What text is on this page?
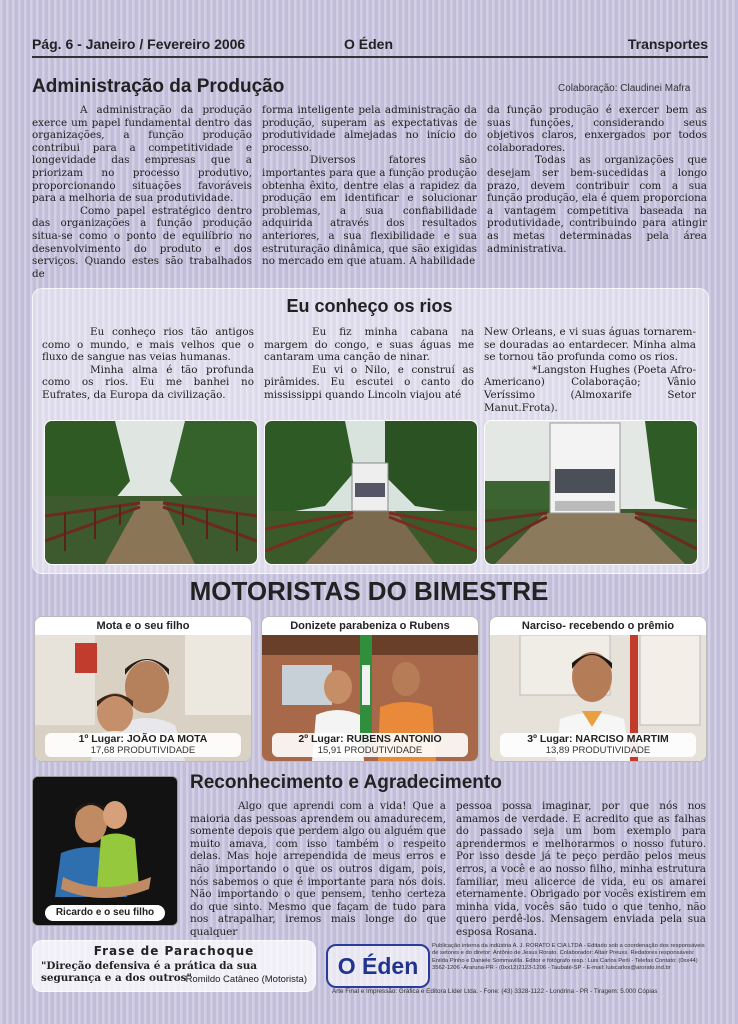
Pág. 6 - Janeiro / Fevereiro 2006	O Éden	Transportes
Administração da Produção	Colaboração: Claudinei Mafra

A administração da produção exerce um papel fundamental dentro das organizações, a função produção contribui para a competitividade e longevidade das empresas que a priorizam no processo produtivo, proporcionando situações favoráveis para a melhoria de sua produtividade.

Como papel estratégico dentro das organizações a função produção situa-se como o ponto de equilíbrio no desenvolvimento do produto e dos serviços. Quando estes são trabalhados de

forma inteligente pela administração da produção, superam as expectativas de produtividade almejadas no início do processo.

Diversos fatores são importantes para que a função produção obtenha êxito, dentre elas a rapidez da produção em identificar e solucionar problemas, a sua confiabilidade adquirida através dos resultados anteriores, a sua flexibilidade e sua estruturação dinâmica, que são exigidas no mercado em que atuam. A habilidade

da função produção é exercer bem as suas funções, considerando seus objetivos claros, enxergados por todos colaboradores.

Todas as organizações que desejam ser bem-sucedidas a longo prazo, devem contribuir com a sua função produção, ela é quem proporciona a vantagem competitiva baseada na produtividade, contribuindo para atingir as metas determinadas pela área administrativa.

Eu conheço os rios

Eu conheço rios tão antigos como o mundo, e mais velhos que o fluxo de sangue nas veias humanas.

Minha alma é tão profunda como os rios. Eu me banhei no Eufrates, da Europa da civilização.

Eu fiz minha cabana na margem do congo, e suas águas me cantaram uma canção de ninar.

Eu vi o Nilo, e construí as pirâmides. Eu escutei o canto do mississippi quando Lincoln viajou até

New Orleans, e vi suas águas tornarem-se douradas ao entardecer. Minha alma se tornou tão profunda como os rios.

*Langston Hughes (Poeta Afro-Americano) Colaboração; Vânio Veríssimo (Almoxarife Setor Manut.Frota).

MOTORISTAS DO BIMESTRE
Mota e o seu filho
1º Lugar: JOÃO DA MOTA
17,68 PRODUTIVIDADE
Donizete parabeniza o Rubens
2º Lugar: RUBENS ANTONIO
15,91 PRODUTIVIDADE
Narciso- recebendo o prêmio
3º Lugar: NARCISO MARTIM
13,89 PRODUTIVIDADE
Ricardo e o seu filho
Reconhecimento e Agradecimento

Algo que aprendi com a vida! Que a maioria das pessoas aprendem ou amadurecem, somente depois que perdem algo ou alguém que muito amava, com isso também o respeito delas. Mas hoje arrependida de meus erros e não importando o que os outros digam, pois, nós sabemos o que é importante para nós dois. Não importando o que pensem, tenho certeza do que sinto. Mesmo que façam de tudo para nos atrapalhar, iremos mais longe do que qualquer

pessoa possa imaginar, por que nós nos amamos de verdade. E acredito que as falhas do passado seja um bom exemplo para aprendermos e melhorarmos o nosso futuro. Por isso desde já te peço perdão pelos meus erros, a você e ao nosso filho, minha estrutura familiar, meu alicerce de vida, eu os amarei eternamente. Obrigado por vocês existirem em minha vida, vocês são tudo o que tenho, não quero perdê-los. Mensagem enviada pela sua esposa Rosana.

Frase de Parachoque
"Direção defensiva é a prática da sua segurança e a dos outros"
Romildo Catâneo (Motorista)
O Éden
Publicação interna da indústria A. J. RORATO E CIA LTDA - Editado sob a coordenação dos responsáveis de setores e do diretor: Antônio de Jesus Rorato. Colaborador: Altair Preuss. Redatores responsáveis: Enilda Pinho e Daniele Sommavilla. Editor e fotógrafo resp.: Luis Carlos Perli - Telefax Contato: (0xx44) 3562-1206 -Araruna-PR - (0xx12)2123-1206 - Taubaté-SP - E-mail: luiscarlos@arorato.ind.br
Arte Final e Impressão: Gráfica e Editora Líder Ltda. - Fone: (43) 3328-1122 - Londrina - PR - Tiragem: 5.000 Cópias
